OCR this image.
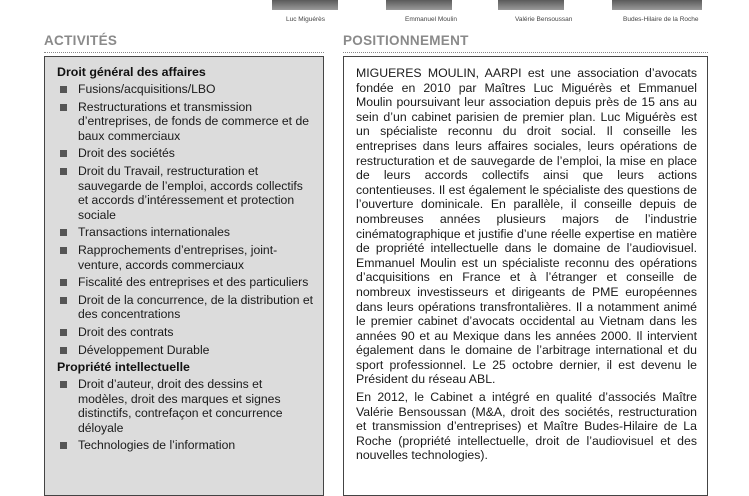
Luc Miguérès	Emmanuel Moulin	Valérie Bensoussan	Budes-Hilaire de la Roche
ACTIVITÉS	POSITIONNEMENT
Droit général des affaires
Fusions/acquisitions/LBO
Restructurations et transmission d’entreprises, de fonds de commerce et de baux commerciaux
Droit des sociétés
Droit du Travail, restructuration et sauvegarde de l’emploi, accords collectifs et accords d’intéressement et protection sociale
Transactions internationales
Rapprochements d’entreprises, joint-venture, accords commerciaux
Fiscalité des entreprises et des particuliers
Droit de la concurrence, de la distribution et des concentrations
Droit des contrats
Développement Durable
Propriété intellectuelle
Droit d’auteur, droit des dessins et modèles, droit des marques et signes distinctifs, contrefaçon et concurrence déloyale
Technologies de l’information

MIGUERES MOULIN, AARPI est une association d’avocats fondée en 2010 par Maîtres Luc Miguérès et Emmanuel Moulin poursuivant leur association depuis près de 15 ans au sein d’un cabinet parisien de premier plan. Luc Miguérès est un spécialiste reconnu du droit social. Il conseille les entreprises dans leurs affaires sociales, leurs opérations de restructuration et de sauvegarde de l’emploi, la mise en place de leurs accords collectifs ainsi que leurs actions contentieuses. Il est également le spécialiste des questions de l’ouverture dominicale. En parallèle, il conseille depuis de nombreuses années plusieurs majors de l’industrie cinématographique et justifie d’une réelle expertise en matière de propriété intellectuelle dans le domaine de l’audiovisuel. Emmanuel Moulin est un spécialiste reconnu des opérations d’acquisitions en France et à l’étranger et conseille de nombreux investisseurs et dirigeants de PME européennes dans leurs opérations transfrontalières. Il a notamment animé le premier cabinet d’avocats occidental au Vietnam dans les années 90 et au Mexique dans les années 2000. Il intervient également dans le domaine de l’arbitrage international et du sport professionnel. Le 25 octobre dernier, il est devenu le Président du réseau ABL.

En 2012, le Cabinet a intégré en qualité d’associés Maître Valérie Bensoussan (M&A, droit des sociétés, restructuration et transmission d’entreprises) et Maître Budes-Hilaire de La Roche (propriété intellectuelle, droit de l’audiovisuel et des nouvelles technologies).
